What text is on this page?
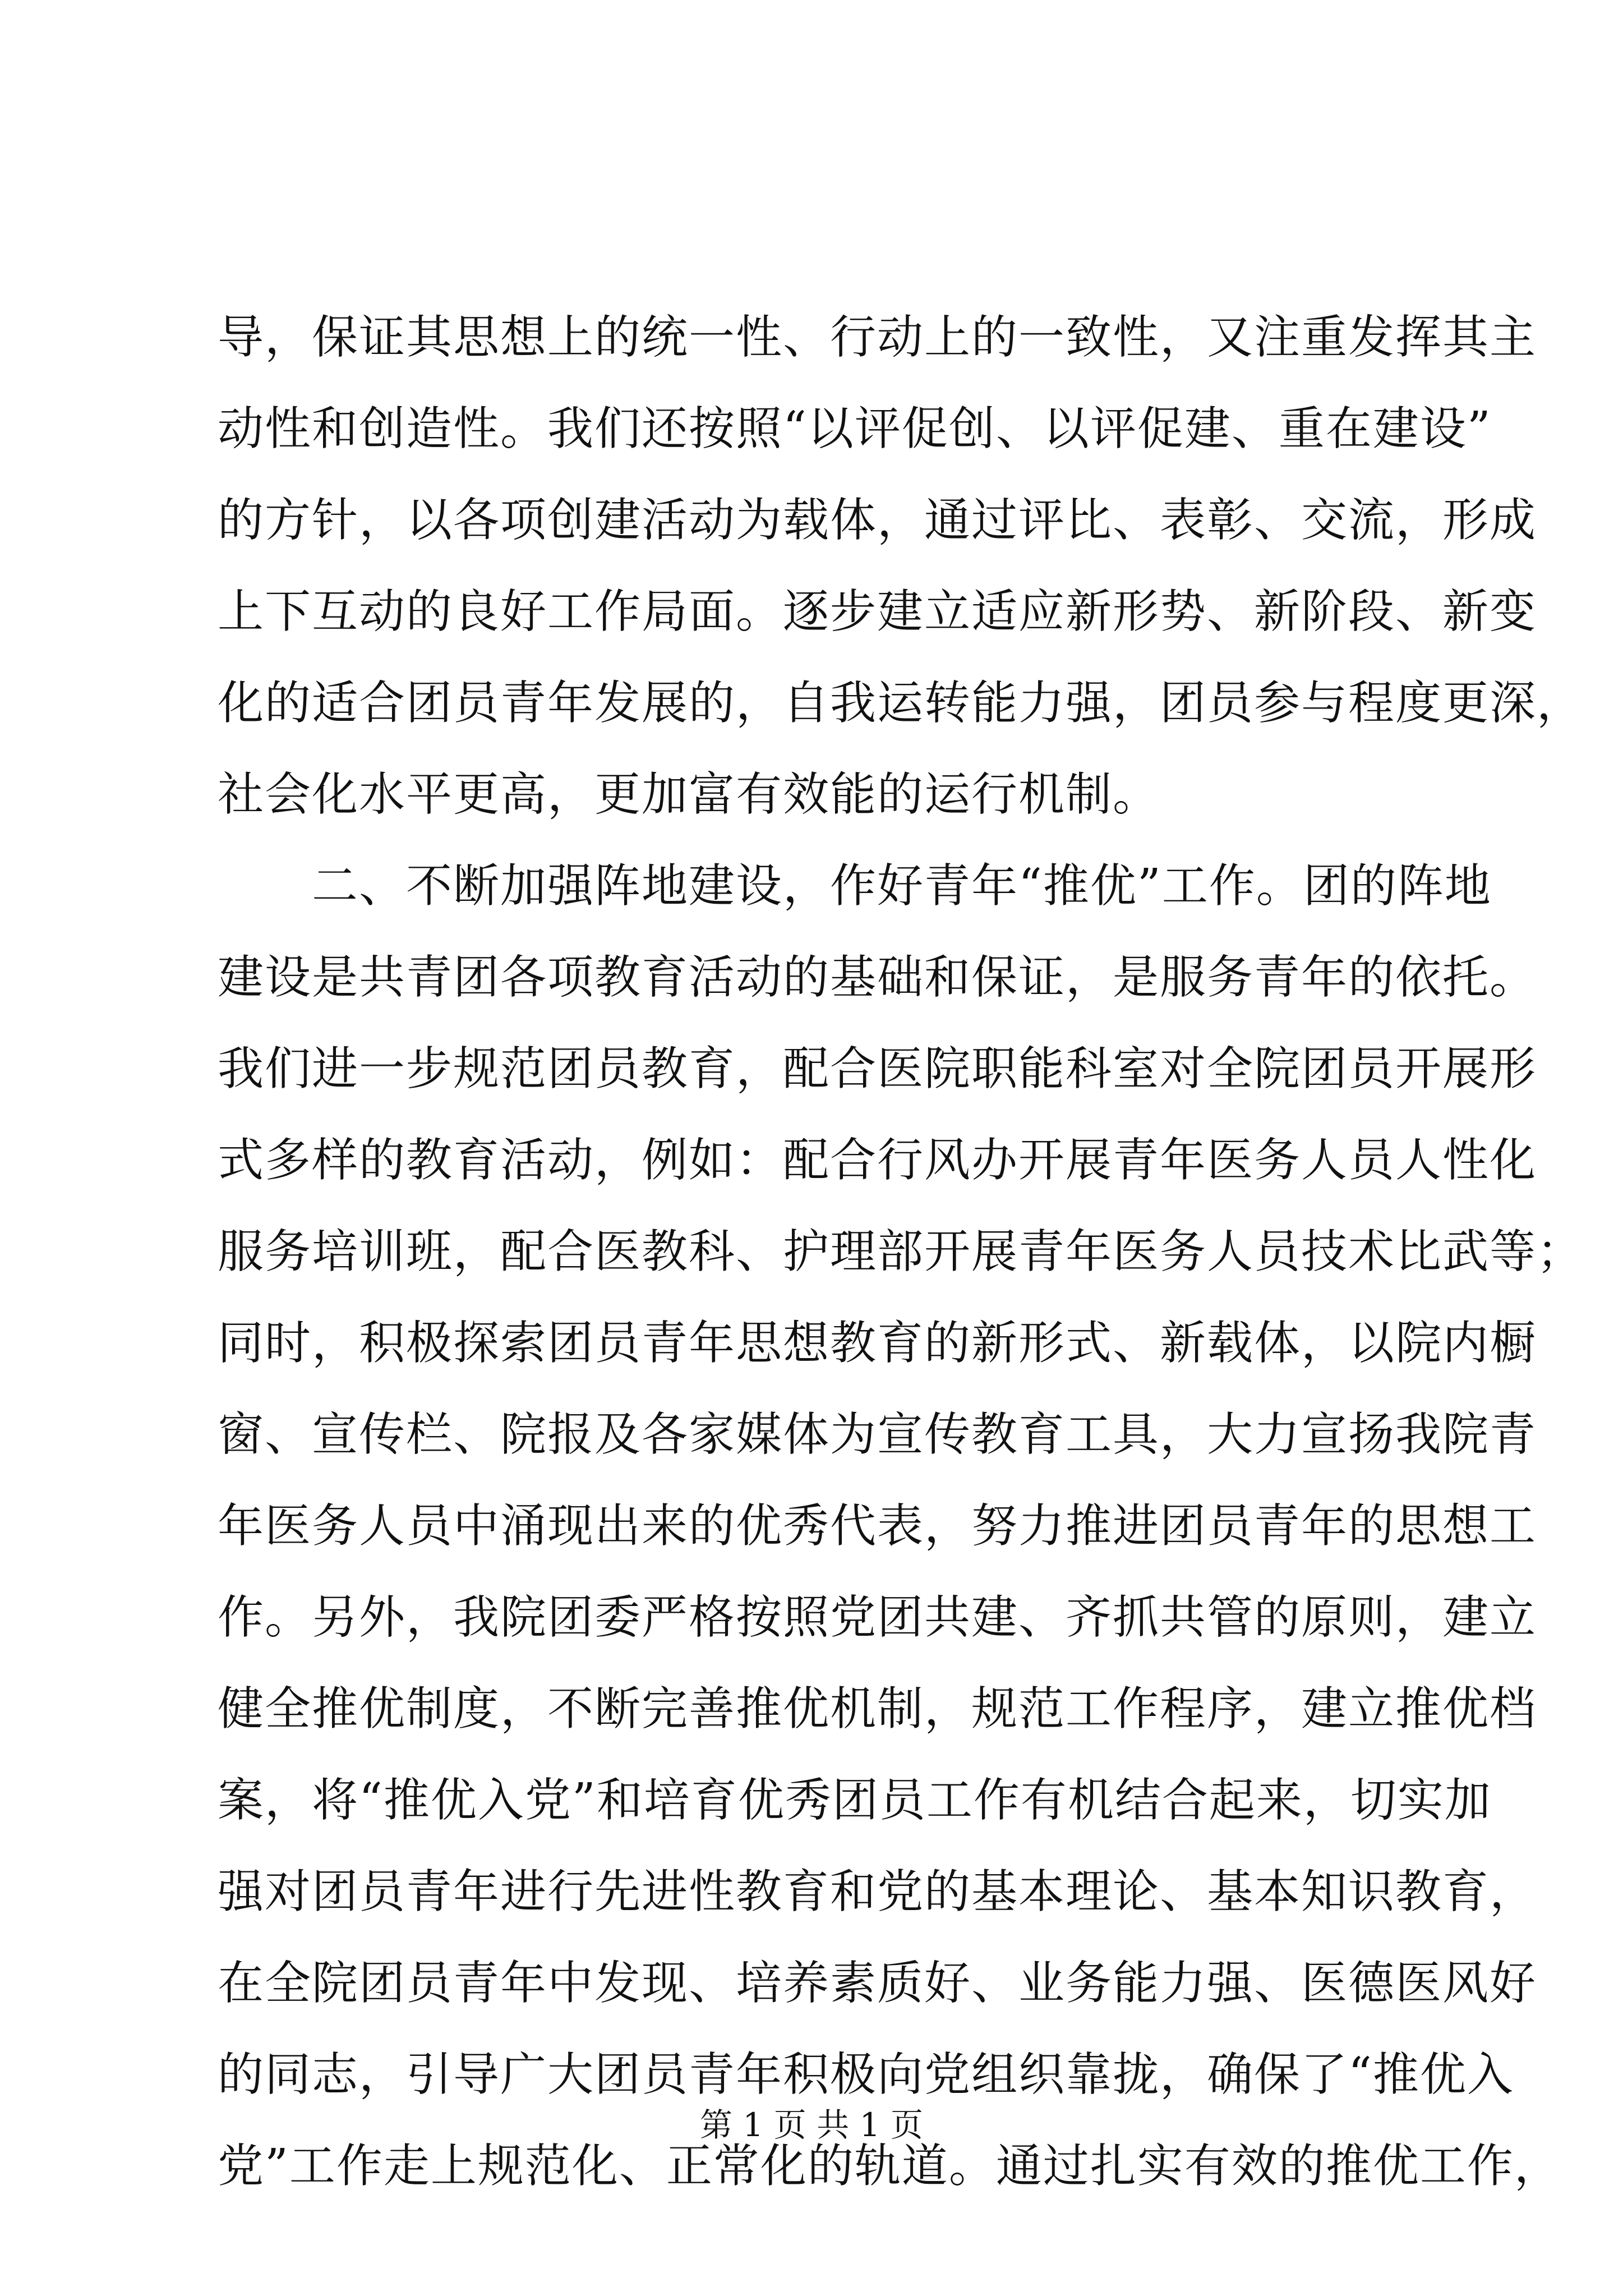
导，保证其思想上的统一性、行动上的一致性，又注重发挥其主
动性和创造性。我们还按照“以评促创、以评促建、重在建设”
的方针，以各项创建活动为载体，通过评比、表彰、交流，形成
上下互动的良好工作局面。逐步建立适应新形势、新阶段、新变
化的适合团员青年发展的，自我运转能力强，团员参与程度更深，
社会化水平更高，更加富有效能的运行机制。
　　二、不断加强阵地建设，作好青年“推优”工作。团的阵地
建设是共青团各项教育活动的基础和保证，是服务青年的依托。
我们进一步规范团员教育，配合医院职能科室对全院团员开展形
式多样的教育活动，例如：配合行风办开展青年医务人员人性化
服务培训班，配合医教科、护理部开展青年医务人员技术比武等；
同时，积极探索团员青年思想教育的新形式、新载体，以院内橱
窗、宣传栏、院报及各家媒体为宣传教育工具，大力宣扬我院青
年医务人员中涌现出来的优秀代表，努力推进团员青年的思想工
作。另外，我院团委严格按照党团共建、齐抓共管的原则，建立
健全推优制度，不断完善推优机制，规范工作程序，建立推优档
案，将“推优入党”和培育优秀团员工作有机结合起来，切实加
强对团员青年进行先进性教育和党的基本理论、基本知识教育，
在全院团员青年中发现、培养素质好、业务能力强、医德医风好
的同志，引导广大团员青年积极向党组织靠拢，确保了“推优入
党”工作走上规范化、正常化的轨道。通过扎实有效的推优工作，
第 1 页 共 1 页
